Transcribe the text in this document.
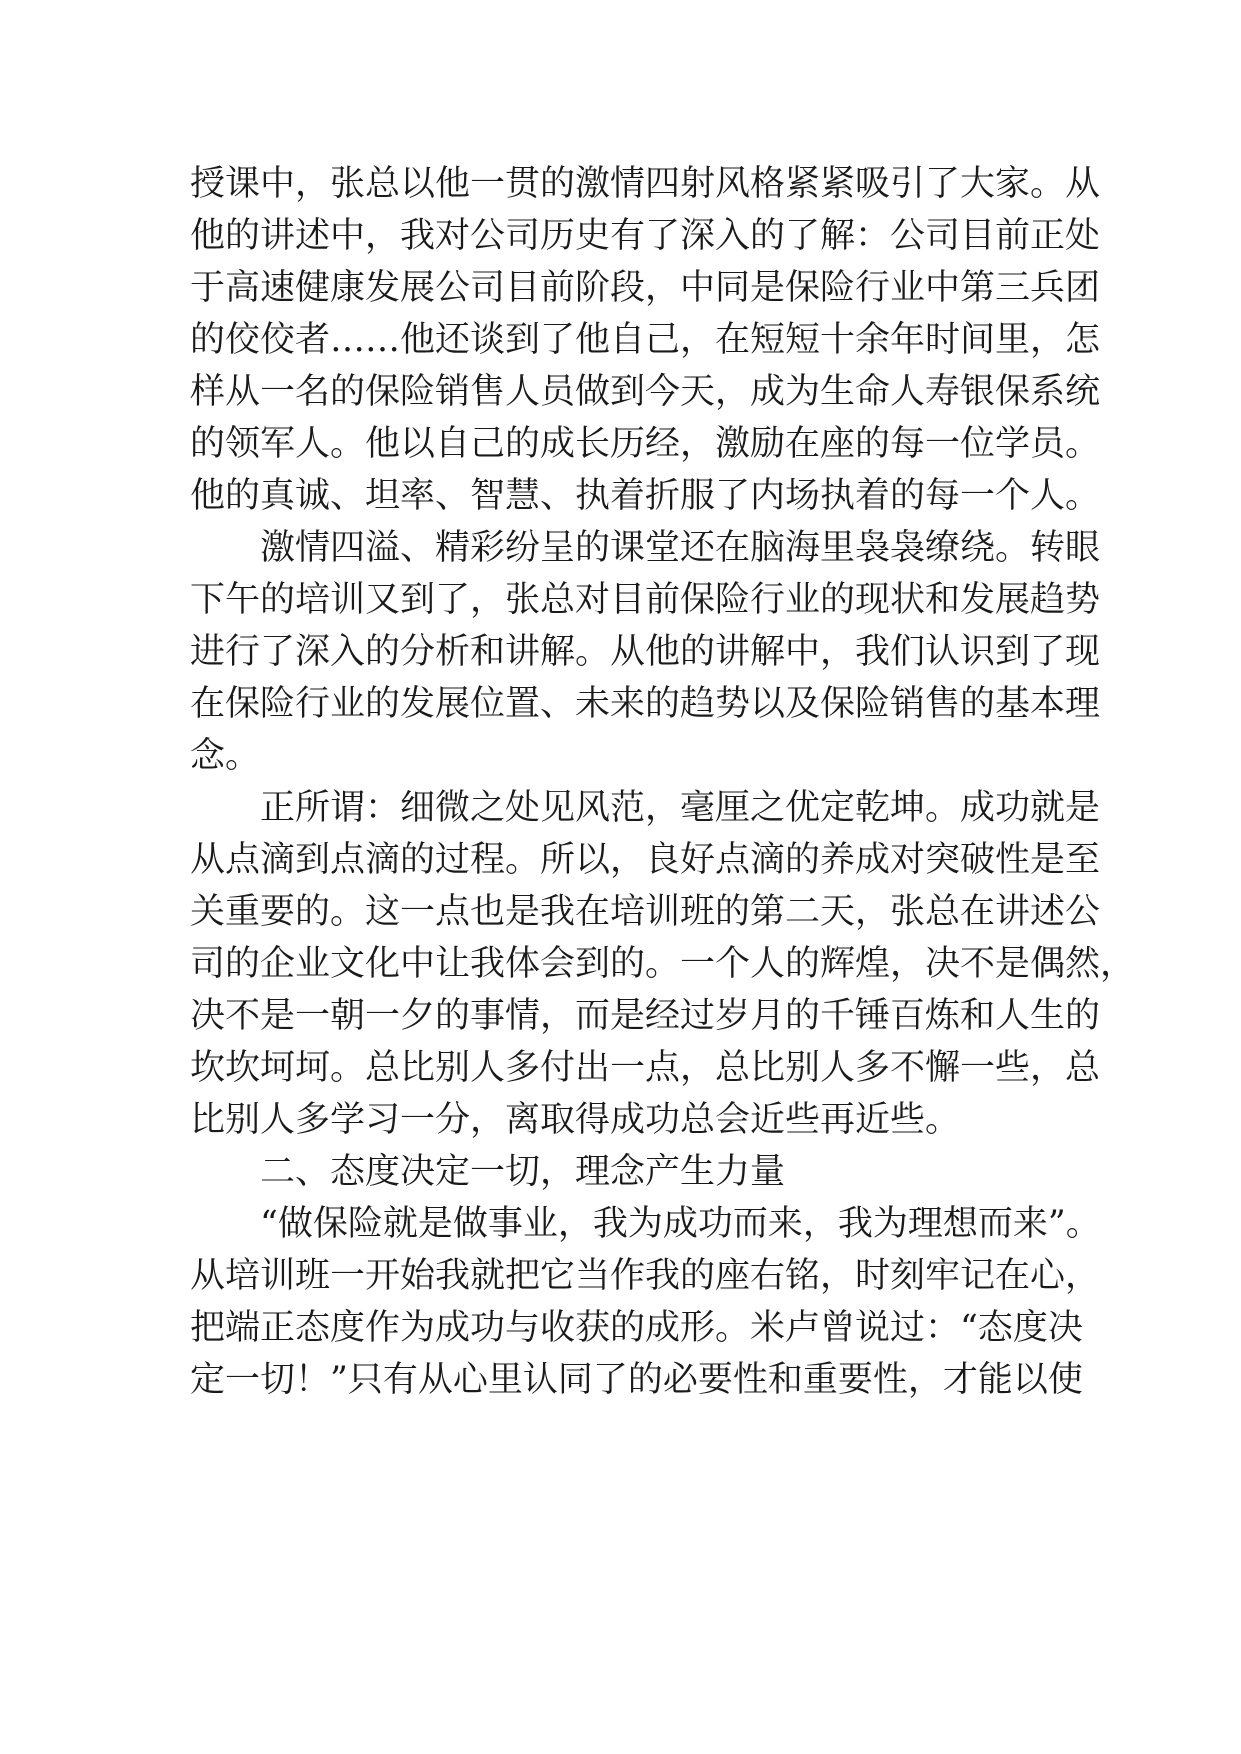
授课中，张总以他一贯的激情四射风格紧紧吸引了大家。从
他的讲述中，我对公司历史有了深入的了解：公司目前正处
于高速健康发展公司目前阶段，中同是保险行业中第三兵团
的佼佼者……他还谈到了他自己，在短短十余年时间里，怎
样从一名的保险销售人员做到今天，成为生命人寿银保系统
的领军人。他以自己的成长历经，激励在座的每一位学员。
他的真诚、坦率、智慧、执着折服了内场执着的每一个人。
激情四溢、精彩纷呈的课堂还在脑海里袅袅缭绕。转眼
下午的培训又到了，张总对目前保险行业的现状和发展趋势
进行了深入的分析和讲解。从他的讲解中，我们认识到了现
在保险行业的发展位置、未来的趋势以及保险销售的基本理
念。
正所谓：细微之处见风范，毫厘之优定乾坤。成功就是
从点滴到点滴的过程。所以，良好点滴的养成对突破性是至
关重要的。这一点也是我在培训班的第二天，张总在讲述公
司的企业文化中让我体会到的。一个人的辉煌，决不是偶然，
决不是一朝一夕的事情，而是经过岁月的千锤百炼和人生的
坎坎坷坷。总比别人多付出一点，总比别人多不懈一些，总
比别人多学习一分，离取得成功总会近些再近些。
二、态度决定一切，理念产生力量
“做保险就是做事业，我为成功而来，我为理想而来”。
从培训班一开始我就把它当作我的座右铭，时刻牢记在心，
把端正态度作为成功与收获的成形。米卢曾说过：“态度决
定一切！”只有从心里认同了的必要性和重要性，才能以使
